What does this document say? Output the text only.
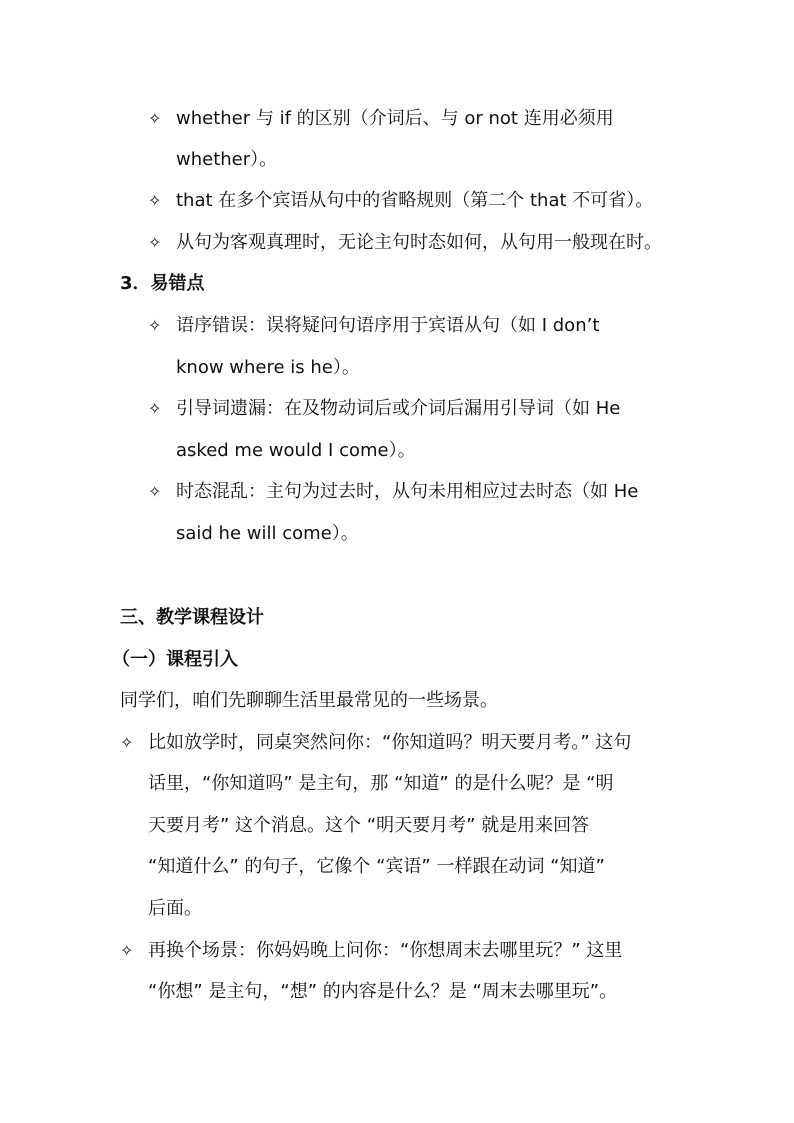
✧ whether 与 if 的区别（介词后、与 or not 连用必须用
whether）。
✧ that 在多个宾语从句中的省略规则（第二个 that 不可省）。
✧ 从句为客观真理时，无论主句时态如何，从句用一般现在时。
3．易错点
✧ 语序错误：误将疑问句语序用于宾语从句（如 I don’t
know where is he）。
✧ 引导词遗漏：在及物动词后或介词后漏用引导词（如 He
asked me would I come）。
✧ 时态混乱：主句为过去时，从句未用相应过去时态（如 He
said he will come）。
三、教学课程设计
（一）课程引入
同学们，咱们先聊聊生活里最常见的一些场景。
✧ 比如放学时，同桌突然问你：“你知道吗？明天要月考。” 这句
话里，“你知道吗” 是主句，那 “知道” 的是什么呢？是 “明
天要月考” 这个消息。这个 “明天要月考” 就是用来回答
“知道什么” 的句子，它像个 “宾语” 一样跟在动词 “知道”
后面。
✧ 再换个场景：你妈妈晚上问你：“你想周末去哪里玩？” 这里
“你想” 是主句，“想” 的内容是什么？是 “周末去哪里玩”。
